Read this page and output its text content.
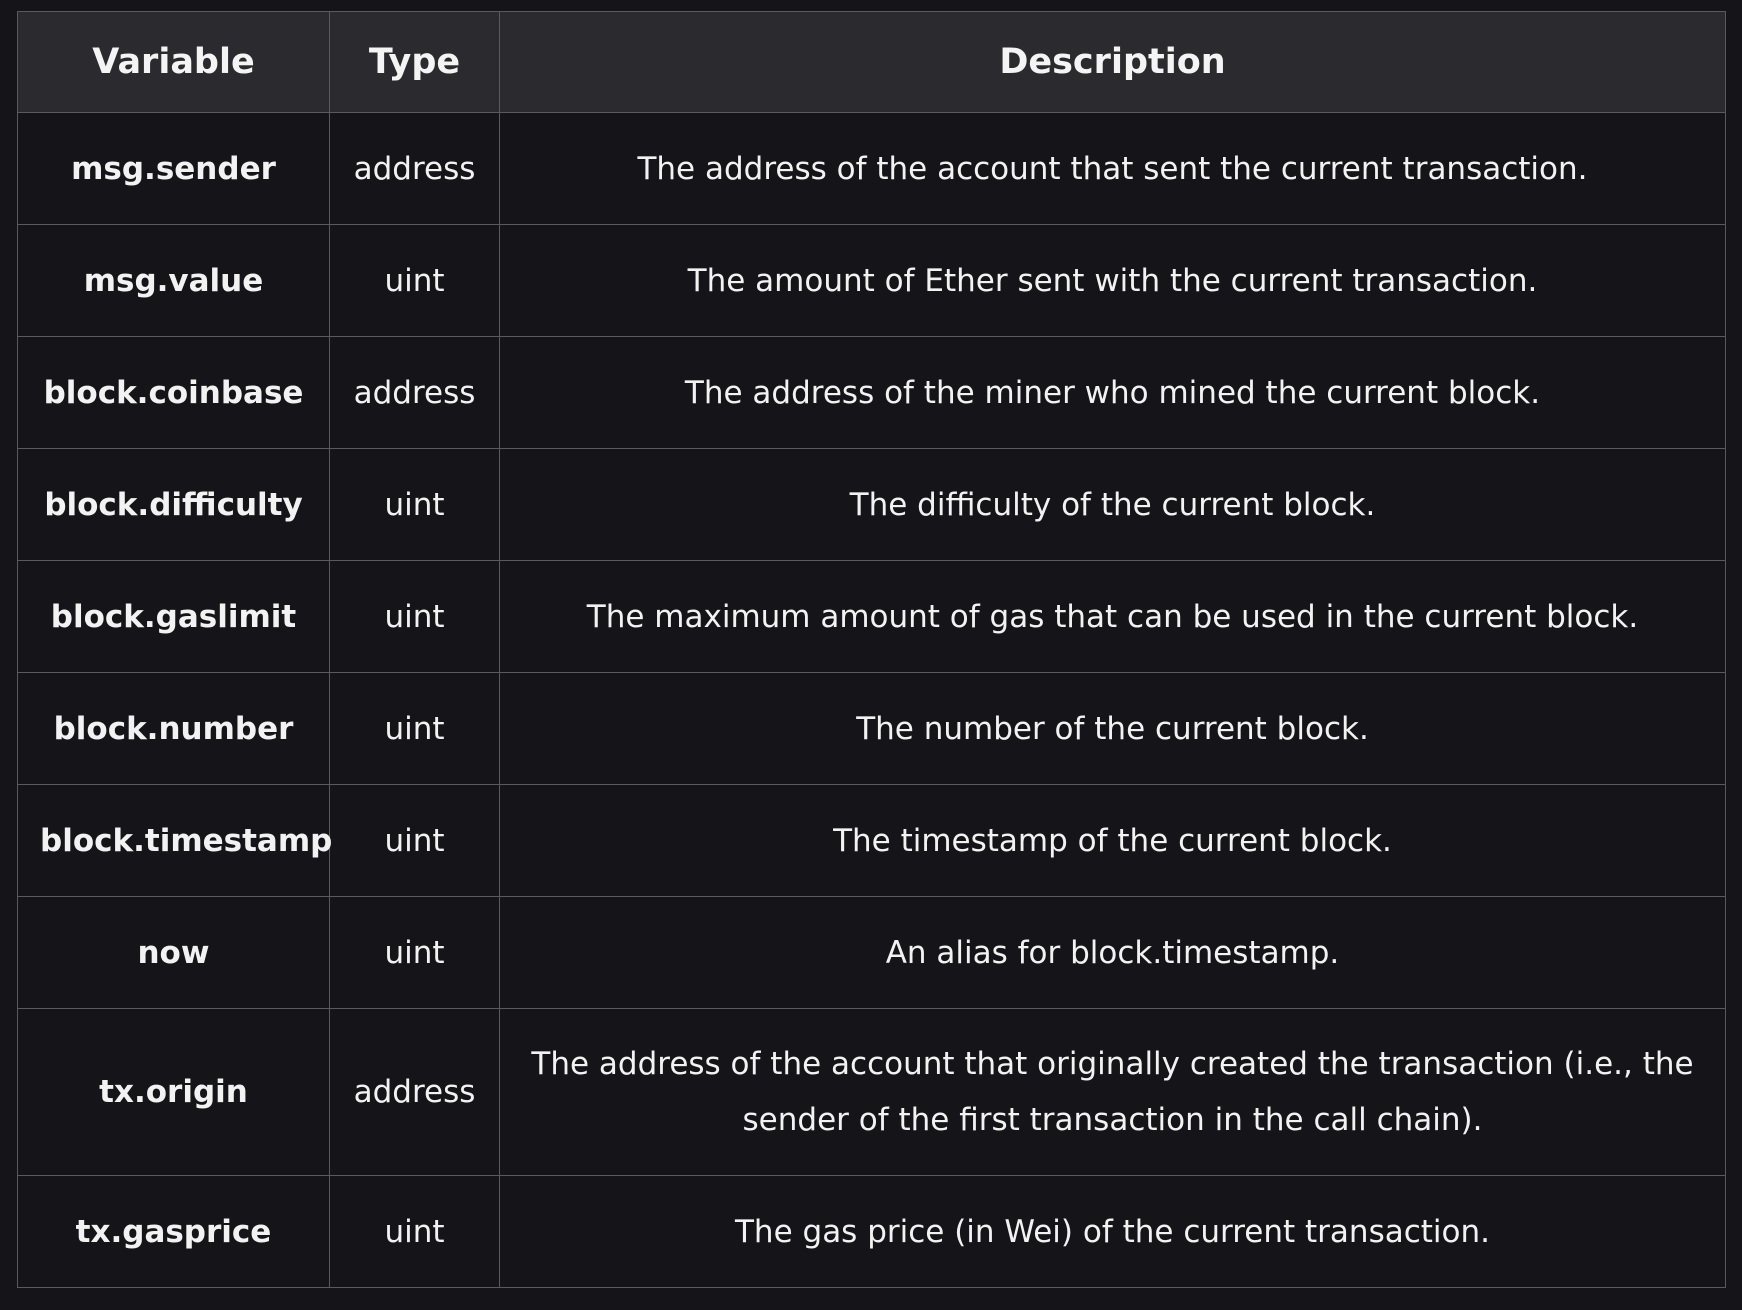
Variable	Type	Description
msg.sender	address	The address of the account that sent the current transaction.
msg.value	uint	The amount of Ether sent with the current transaction.
block.coinbase	address	The address of the miner who mined the current block.
block.difficulty	uint	The difficulty of the current block.
block.gaslimit	uint	The maximum amount of gas that can be used in the current block.
block.number	uint	The number of the current block.
block.timestamp	uint	The timestamp of the current block.
now	uint	An alias for block.timestamp.
tx.origin	address	The address of the account that originally created the transaction (i.e., the sender of the first transaction in the call chain).
tx.gasprice	uint	The gas price (in Wei) of the current transaction.
